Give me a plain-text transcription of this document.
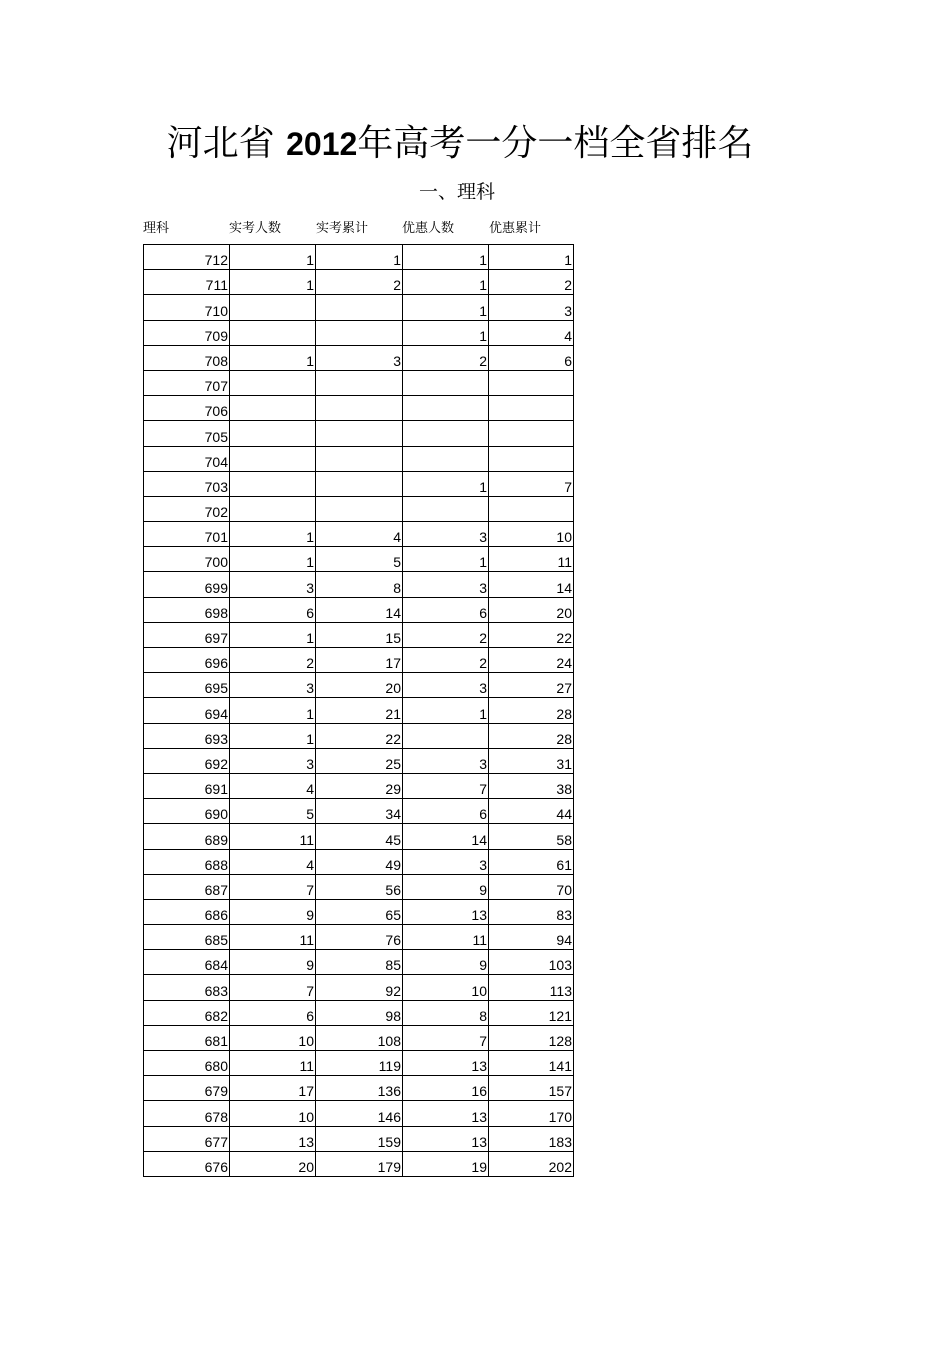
河北省 2012年高考一分一档全省排名
一、理科
理科	实考人数	实考累计	优惠人数	优惠累计
712	1	1	1	1
711	1	2	1	2
710			1	3
709			1	4
708	1	3	2	6
707				
706				
705				
704				
703			1	7
702				
701	1	4	3	10
700	1	5	1	11
699	3	8	3	14
698	6	14	6	20
697	1	15	2	22
696	2	17	2	24
695	3	20	3	27
694	1	21	1	28
693	1	22		28
692	3	25	3	31
691	4	29	7	38
690	5	34	6	44
689	11	45	14	58
688	4	49	3	61
687	7	56	9	70
686	9	65	13	83
685	11	76	11	94
684	9	85	9	103
683	7	92	10	113
682	6	98	8	121
681	10	108	7	128
680	11	119	13	141
679	17	136	16	157
678	10	146	13	170
677	13	159	13	183
676	20	179	19	202
